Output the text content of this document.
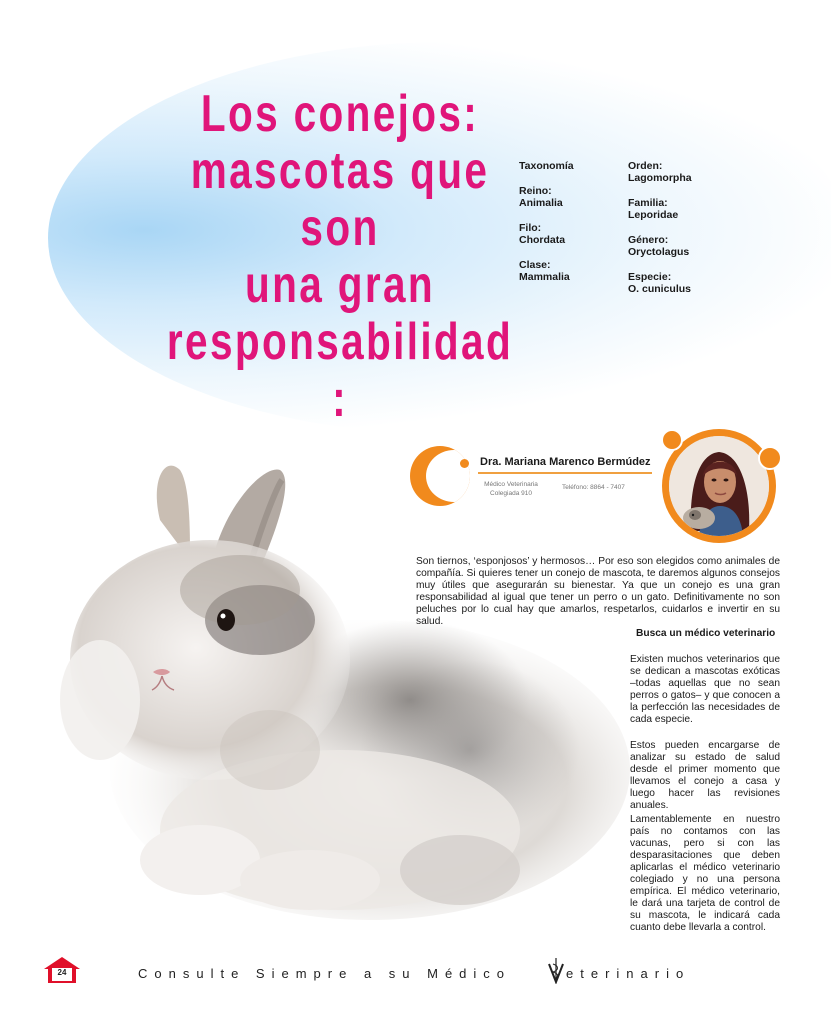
Los conejos:
mascotas que
son
una gran
responsabilidad :
Taxonomía
Reino:
Animalia
Filo:
Chordata
Clase:
Mammalia
Orden:
Lagomorpha
Familia:
Leporidae
Género:
Oryctolagus
Especie:
O. cuniculus
Dra. Mariana Marenco Bermúdez
Médico Veterinaria
Colegiada 910
Teléfono: 8864 - 7407

Son tiernos, ‘esponjosos’ y hermosos… Por eso son elegidos como animales de compañía. Si quieres tener un conejo de mascota, te daremos algunos consejos muy útiles que asegurarán su bienestar. Ya que un conejo es una gran responsabilidad al igual que tener un perro o un gato. Definitivamente no son peluches por lo cual hay que amarlos, respetarlos, cuidarlos e invertir en su salud.

Busca un médico veterinario

Existen muchos veterinarios que se dedican a mascotas exóticas –todas aquellas que no sean perros o gatos– y que conocen a la perfección las necesidades de cada especie.

Estos pueden encargarse de analizar su estado de salud desde el primer momento que llevamos el conejo a casa y luego hacer las revisiones anuales.

Lamentablemente en nuestro país no contamos con las vacunas, pero si con las desparasitaciones que deben aplicarlas el médico veterinario colegiado y no una persona empírica. El médico veterinario, le dará una tarjeta de control de su mascota, le indicará cada cuanto debe llevarla a control.

24	Consulte Siempre a su Médico	eterinario
